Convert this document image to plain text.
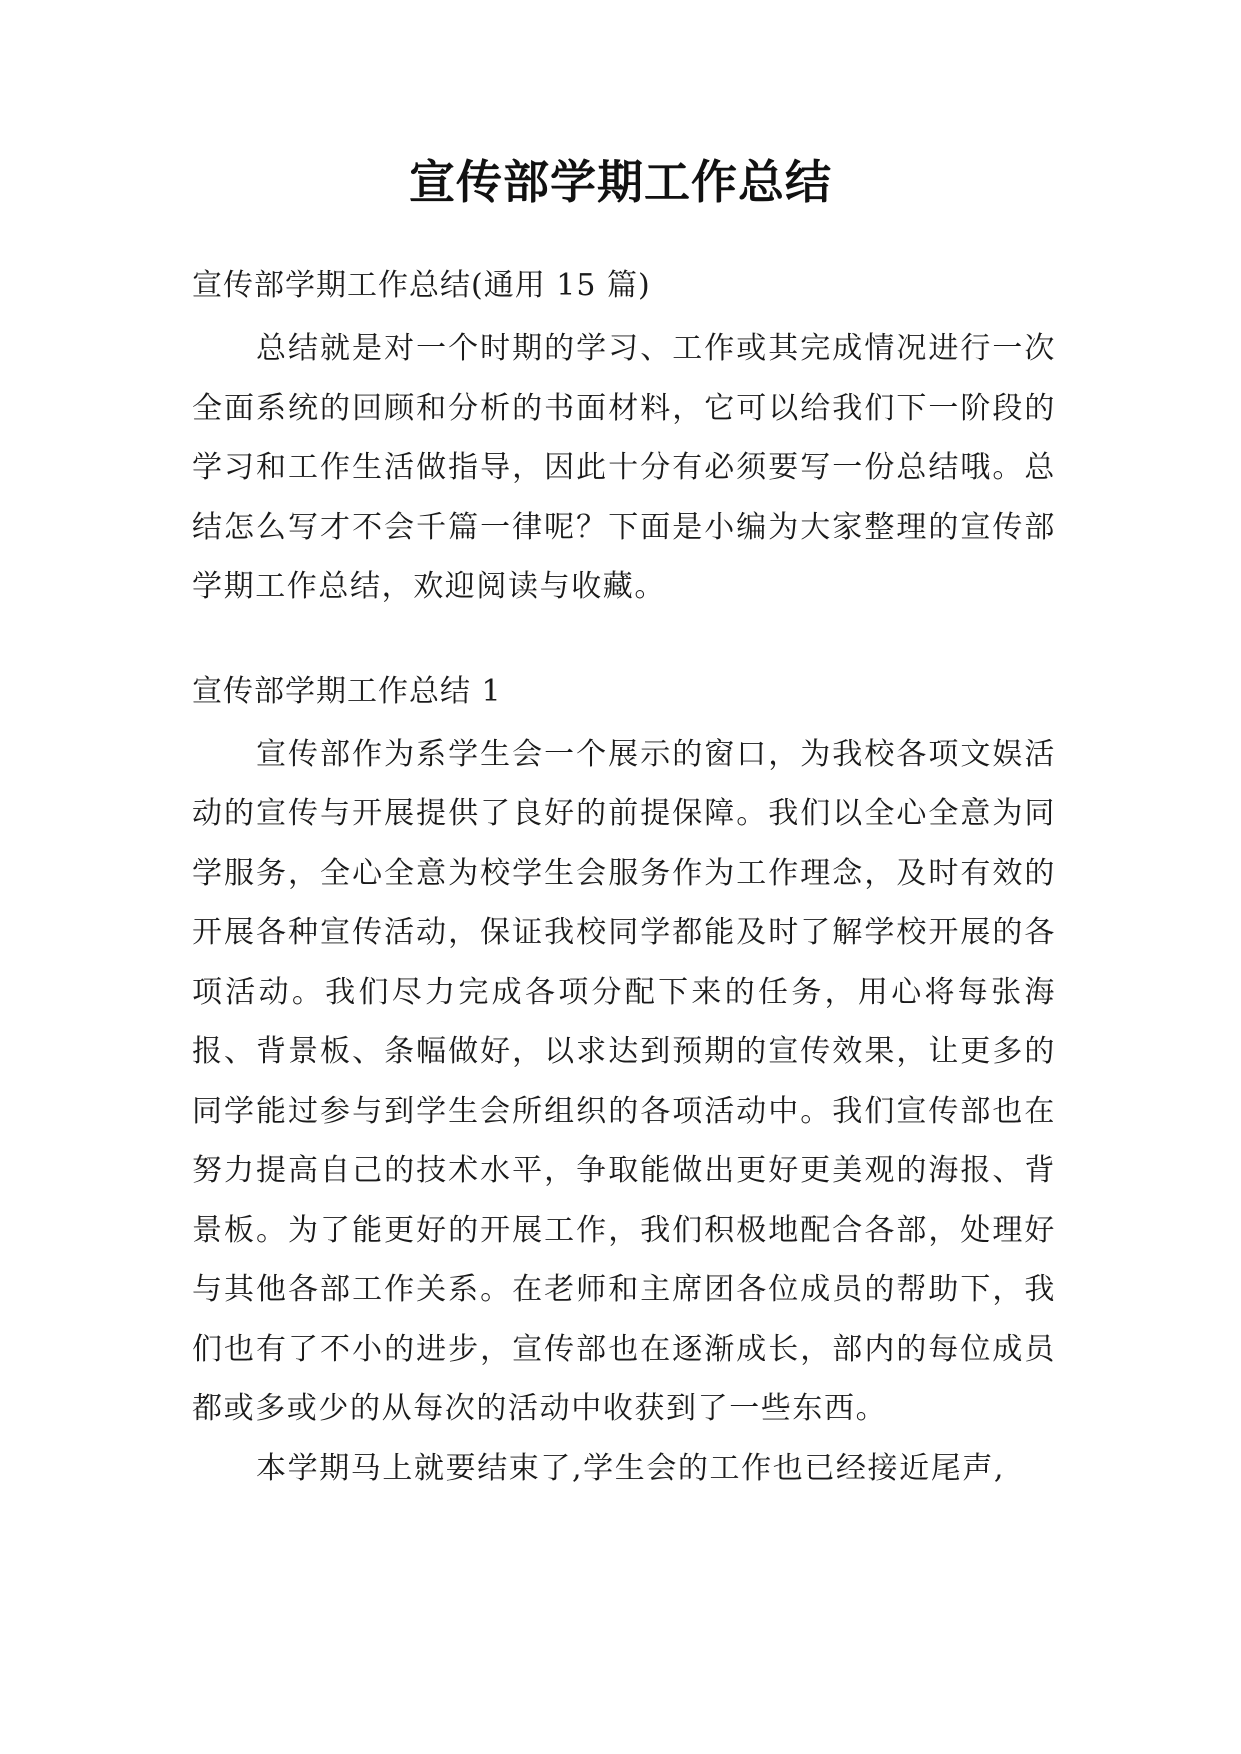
宣传部学期工作总结

宣传部学期工作总结(通用 15 篇)

总结就是对一个时期的学习、工作或其完成情况进行一次全面系统的回顾和分析的书面材料，它可以给我们下一阶段的学习和工作生活做指导，因此十分有必须要写一份总结哦。总结怎么写才不会千篇一律呢？下面是小编为大家整理的宣传部学期工作总结，欢迎阅读与收藏。

宣传部学期工作总结 1

宣传部作为系学生会一个展示的窗口，为我校各项文娱活动的宣传与开展提供了良好的前提保障。我们以全心全意为同学服务，全心全意为校学生会服务作为工作理念，及时有效的开展各种宣传活动，保证我校同学都能及时了解学校开展的各项活动。我们尽力完成各项分配下来的任务，用心将每张海报、背景板、条幅做好，以求达到预期的宣传效果，让更多的同学能过参与到学生会所组织的各项活动中。我们宣传部也在努力提高自己的技术水平，争取能做出更好更美观的海报、背景板。为了能更好的开展工作，我们积极地配合各部，处理好与其他各部工作关系。在老师和主席团各位成员的帮助下，我们也有了不小的进步，宣传部也在逐渐成长，部内的每位成员都或多或少的从每次的活动中收获到了一些东西。

本学期马上就要结束了,学生会的工作也已经接近尾声,
